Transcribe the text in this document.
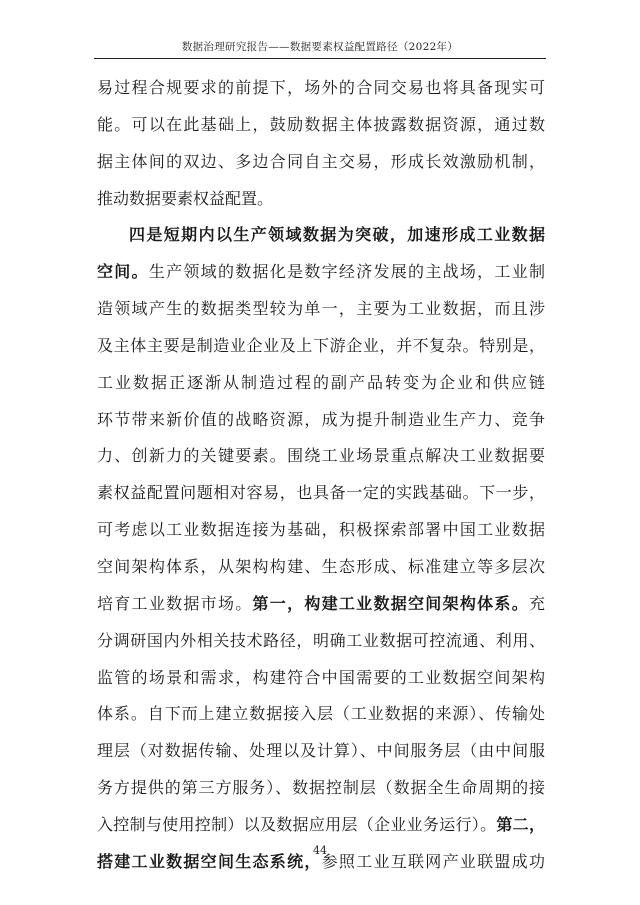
数据治理研究报告——数据要素权益配置路径（2022年）
易过程合规要求的前提下，场外的合同交易也将具备现实可
能。可以在此基础上，鼓励数据主体披露数据资源，通过数
据主体间的双边、多边合同自主交易，形成长效激励机制，
推动数据要素权益配置。
四是短期内以生产领域数据为突破，加速形成工业数据
空间。生产领域的数据化是数字经济发展的主战场，工业制
造领域产生的数据类型较为单一，主要为工业数据，而且涉
及主体主要是制造业企业及上下游企业，并不复杂。特别是，
工业数据正逐渐从制造过程的副产品转变为企业和供应链
环节带来新价值的战略资源，成为提升制造业生产力、竞争
力、创新力的关键要素。围绕工业场景重点解决工业数据要
素权益配置问题相对容易，也具备一定的实践基础。下一步，
可考虑以工业数据连接为基础，积极探索部署中国工业数据
空间架构体系，从架构构建、生态形成、标准建立等多层次
培育工业数据市场。第一，构建工业数据空间架构体系。充
分调研国内外相关技术路径，明确工业数据可控流通、利用、
监管的场景和需求，构建符合中国需要的工业数据空间架构
体系。自下而上建立数据接入层（工业数据的来源）、传输处
理层（对数据传输、处理以及计算）、中间服务层（由中间服
务方提供的第三方服务）、数据控制层（数据全生命周期的接
入控制与使用控制）以及数据应用层（企业业务运行）。第二，
搭建工业数据空间生态系统，参照工业互联网产业联盟成功
44
